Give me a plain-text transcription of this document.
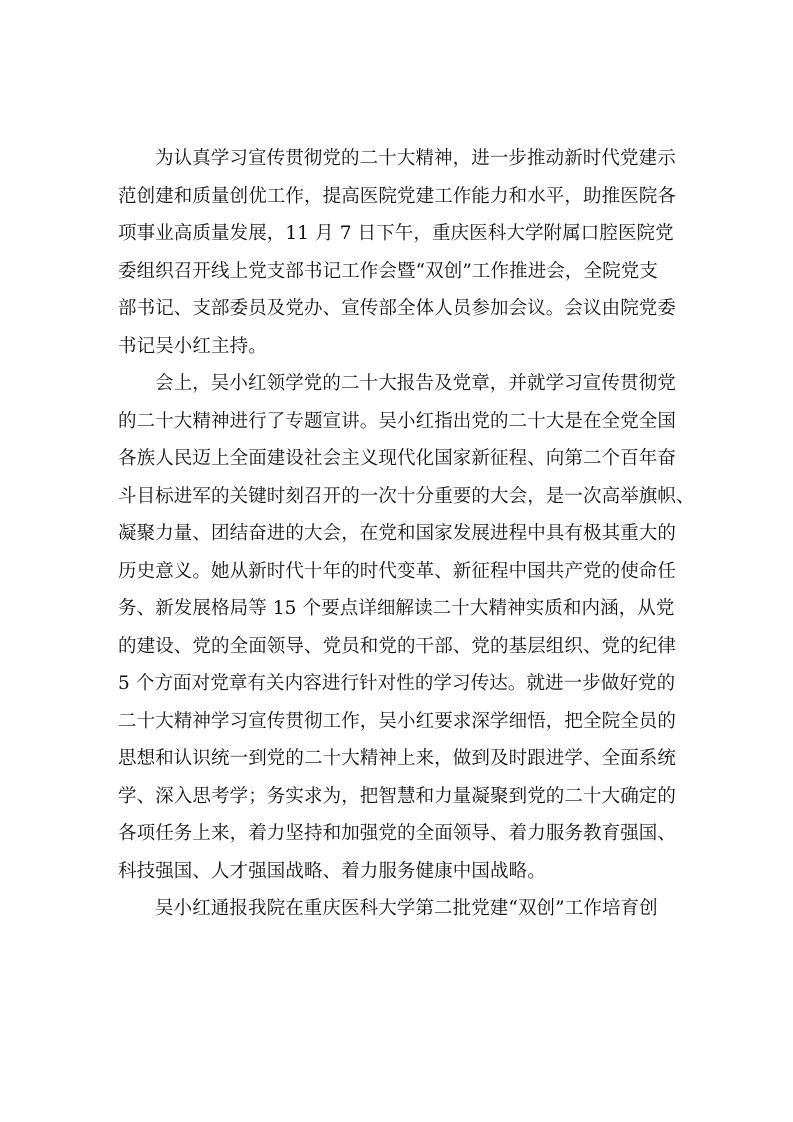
为认真学习宣传贯彻党的二十大精神，进一步推动新时代党建示
范创建和质量创优工作，提高医院党建工作能力和水平，助推医院各
项事业高质量发展，11 月 7 日下午，重庆医科大学附属口腔医院党
委组织召开线上党支部书记工作会暨“双创”工作推进会，全院党支
部书记、支部委员及党办、宣传部全体人员参加会议。会议由院党委
书记吴小红主持。
会上，吴小红领学党的二十大报告及党章，并就学习宣传贯彻党
的二十大精神进行了专题宣讲。吴小红指出党的二十大是在全党全国
各族人民迈上全面建设社会主义现代化国家新征程、向第二个百年奋
斗目标进军的关键时刻召开的一次十分重要的大会，是一次高举旗帜、
凝聚力量、团结奋进的大会，在党和国家发展进程中具有极其重大的
历史意义。她从新时代十年的时代变革、新征程中国共产党的使命任
务、新发展格局等 15 个要点详细解读二十大精神实质和内涵，从党
的建设、党的全面领导、党员和党的干部、党的基层组织、党的纪律
5 个方面对党章有关内容进行针对性的学习传达。就进一步做好党的
二十大精神学习宣传贯彻工作，吴小红要求深学细悟，把全院全员的
思想和认识统一到党的二十大精神上来，做到及时跟进学、全面系统
学、深入思考学；务实求为，把智慧和力量凝聚到党的二十大确定的
各项任务上来，着力坚持和加强党的全面领导、着力服务教育强国、
科技强国、人才强国战略、着力服务健康中国战略。
吴小红通报我院在重庆医科大学第二批党建“双创”工作培育创
